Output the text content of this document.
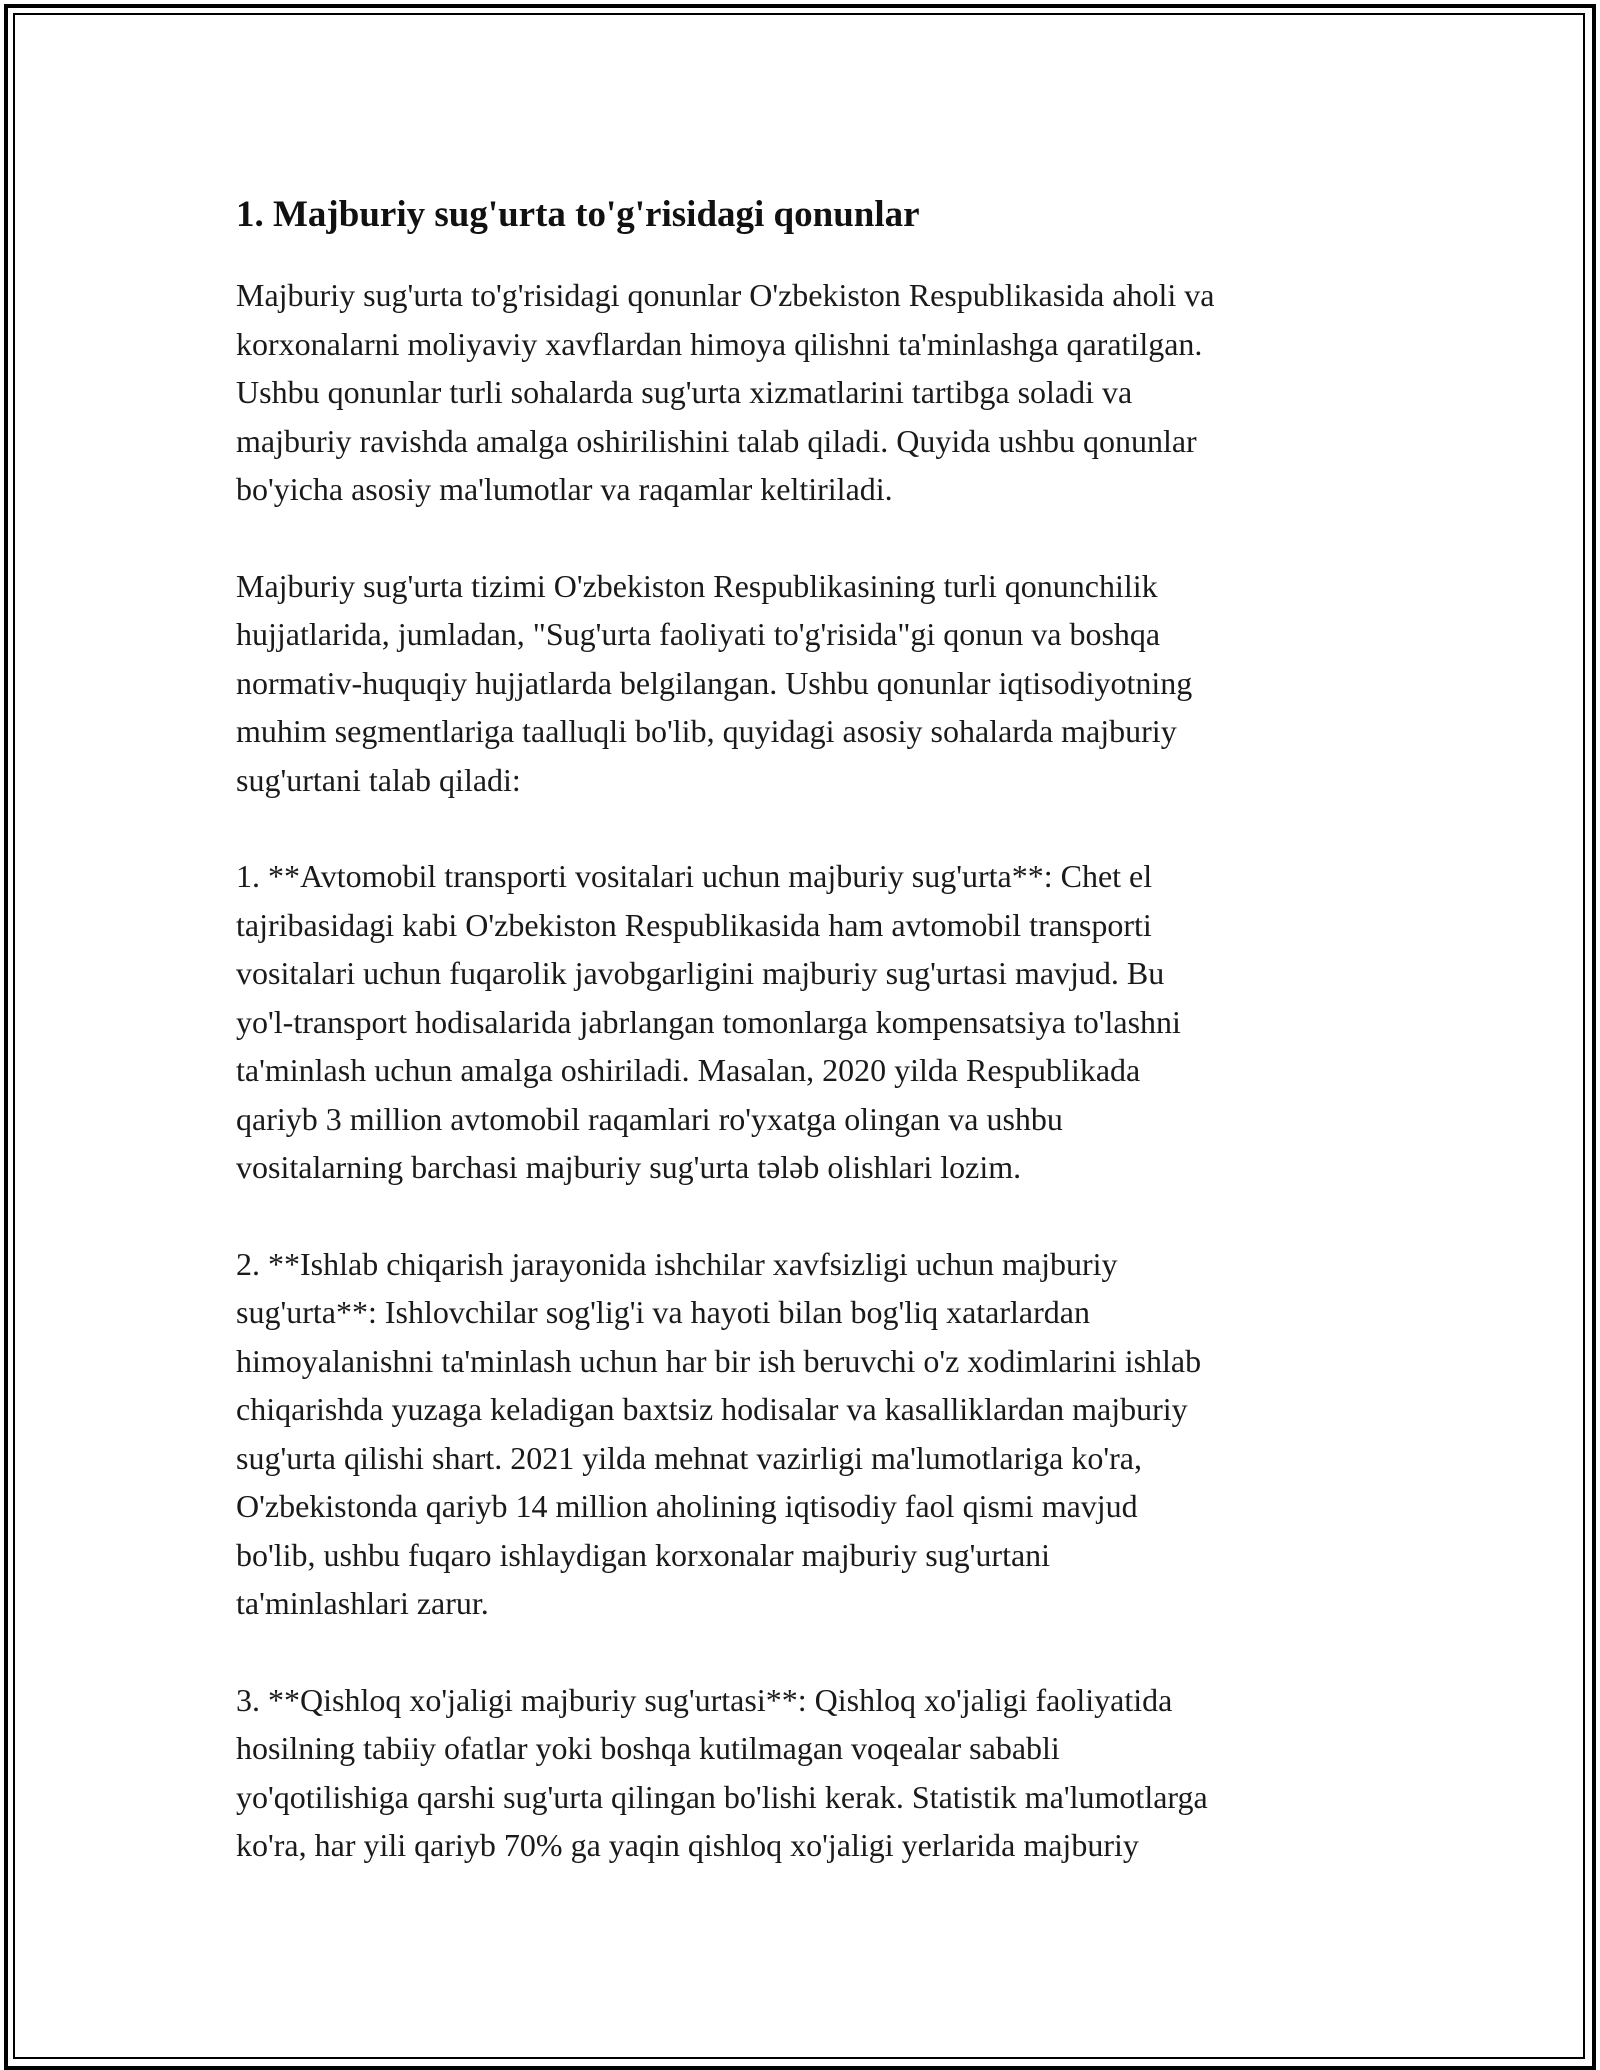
1. Majburiy sug'urta to'g'risidagi qonunlar

Majburiy sug'urta to'g'risidagi qonunlar O'zbekiston Respublikasida aholi va
korxonalarni moliyaviy xavflardan himoya qilishni ta'minlashga qaratilgan.
Ushbu qonunlar turli sohalarda sug'urta xizmatlarini tartibga soladi va
majburiy ravishda amalga oshirilishini talab qiladi. Quyida ushbu qonunlar
bo'yicha asosiy ma'lumotlar va raqamlar keltiriladi.

Majburiy sug'urta tizimi O'zbekiston Respublikasining turli qonunchilik
hujjatlarida, jumladan, "Sug'urta faoliyati to'g'risida"gi qonun va boshqa
normativ-huquqiy hujjatlarda belgilangan. Ushbu qonunlar iqtisodiyotning
muhim segmentlariga taalluqli bo'lib, quyidagi asosiy sohalarda majburiy
sug'urtani talab qiladi:

1. **Avtomobil transporti vositalari uchun majburiy sug'urta**: Chet el
tajribasidagi kabi O'zbekiston Respublikasida ham avtomobil transporti
vositalari uchun fuqarolik javobgarligini majburiy sug'urtasi mavjud. Bu
yo'l-transport hodisalarida jabrlangan tomonlarga kompensatsiya to'lashni
ta'minlash uchun amalga oshiriladi. Masalan, 2020 yilda Respublikada
qariyb 3 million avtomobil raqamlari ro'yxatga olingan va ushbu
vositalarning barchasi majburiy sug'urta tələb olishlari lozim.

2. **Ishlab chiqarish jarayonida ishchilar xavfsizligi uchun majburiy
sug'urta**: Ishlovchilar sog'lig'i va hayoti bilan bog'liq xatarlardan
himoyalanishni ta'minlash uchun har bir ish beruvchi o'z xodimlarini ishlab
chiqarishda yuzaga keladigan baxtsiz hodisalar va kasalliklardan majburiy
sug'urta qilishi shart. 2021 yilda mehnat vazirligi ma'lumotlariga ko'ra,
O'zbekistonda qariyb 14 million aholining iqtisodiy faol qismi mavjud
bo'lib, ushbu fuqaro ishlaydigan korxonalar majburiy sug'urtani
ta'minlashlari zarur.

3. **Qishloq xo'jaligi majburiy sug'urtasi**: Qishloq xo'jaligi faoliyatida
hosilning tabiiy ofatlar yoki boshqa kutilmagan voqealar sababli
yo'qotilishiga qarshi sug'urta qilingan bo'lishi kerak. Statistik ma'lumotlarga
ko'ra, har yili qariyb 70% ga yaqin qishloq xo'jaligi yerlarida majburiy
